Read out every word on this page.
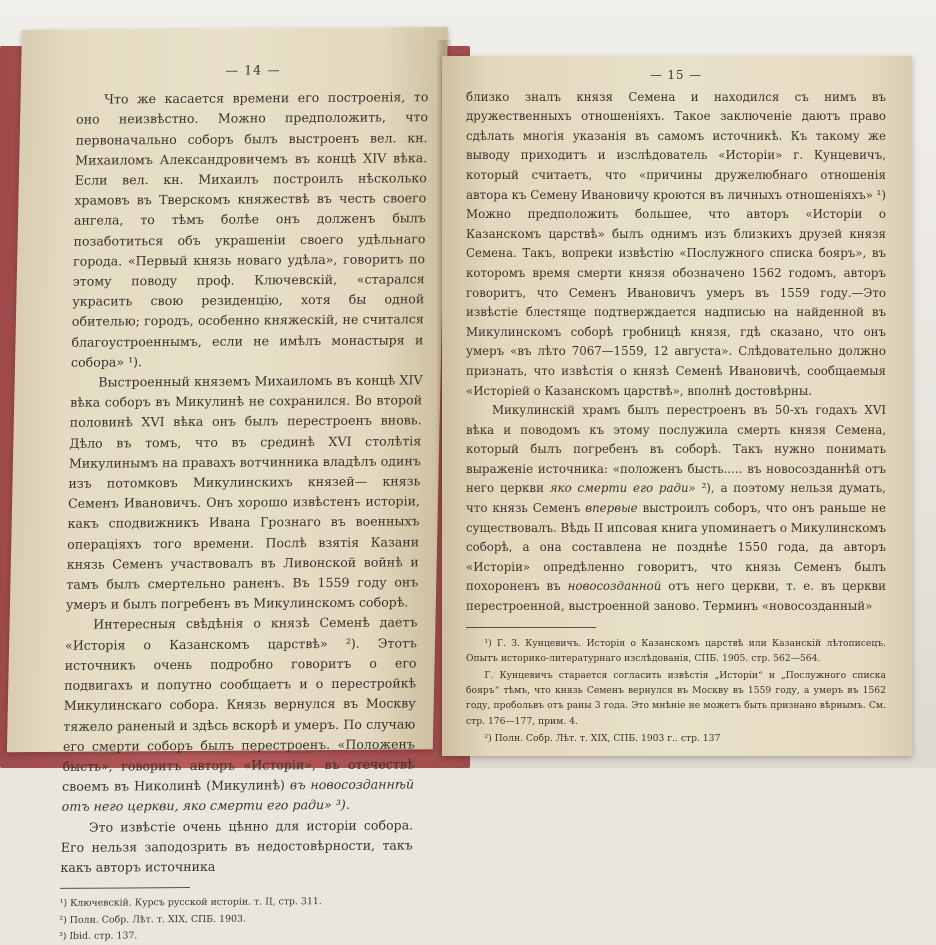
— 14 —

Что же касается времени его построенія, то оно неизвѣстно. Можно предположить, что первоначально соборъ былъ выстроенъ вел. кн. Михаиломъ Александровичемъ въ концѣ XIV вѣка. Если вел. кн. Михаилъ построилъ нѣсколько храмовъ въ Тверскомъ княжествѣ въ честь своего ангела, то тѣмъ болѣе онъ долженъ былъ позаботиться объ украшеніи своего удѣльнаго города. «Первый князь новаго удѣла», говоритъ по этому поводу проф. Ключевскій, «старался украсить свою резиденцію, хотя бы одной обителью; городъ, особенно княжескій, не считался благоустроеннымъ, если не имѣлъ монастыря и собора» ¹).

Выстроенный княземъ Михаиломъ въ концѣ XIV вѣка соборъ въ Микулинѣ не сохранился. Во второй половинѣ XVI вѣка онъ былъ перестроенъ вновь. Дѣло въ томъ, что въ срединѣ XVI столѣтія Микулинымъ на правахъ вотчинника владѣлъ одинъ изъ потомковъ Микулинскихъ князей— князь Семенъ Ивановичъ. Онъ хорошо извѣстенъ исторіи, какъ сподвижникъ Ивана Грознаго въ военныхъ операціяхъ того времени. Послѣ взятія Казани князь Семенъ участвовалъ въ Ливонской войнѣ и тамъ былъ смертельно раненъ. Въ 1559 году онъ умеръ и былъ погребенъ въ Микулинскомъ соборѣ.

Интересныя свѣдѣнія о князѣ Семенѣ даетъ «Исторія о Казанскомъ царствѣ» ²). Этотъ источникъ очень подробно говоритъ о его подвигахъ и попутно сообщаетъ и о перестройкѣ Микулинскаго собора. Князь вернулся въ Москву тяжело раненый и здѣсь вскорѣ и умеръ. По случаю его смерти соборъ былъ перестроенъ. «Положенъ бысть», говоритъ авторъ «Исторіи», въ отечествѣ своемъ въ Николинѣ (Микулинѣ) въ новосозданнѣй отъ него церкви, яко смерти его ради» ³).

Это извѣстіе очень цѣнно для исторіи собора. Его нельзя заподозрить въ недостовѣрности, такъ какъ авторъ источника

¹) Ключевскій. Курсъ русской исторіи. т. II, стр. 311.
²) Полн. Собр. Лѣт. т. XIX, СПБ. 1903.
³) Ibid. стр. 137.
— 15 —

близко зналъ князя Семена и находился съ нимъ въ дружественныхъ отношеніяхъ. Такое заключеніе даютъ право сдѣлать многія указанія въ самомъ источникѣ. Къ такому же выводу приходитъ и изслѣдователь «Исторіи» г. Кунцевичъ, который считаетъ, что «причины дружелюбнаго отношенія автора къ Семену Ивановичу кроются въ личныхъ отношеніяхъ» ¹) Можно предположить большее, что авторъ «Исторіи о Казанскомъ царствѣ» былъ однимъ изъ близкихъ друзей князя Семена. Такъ, вопреки извѣстію «Послужного списка бояръ», въ которомъ время смерти князя обозначено 1562 годомъ, авторъ говоритъ, что Семенъ Ивановичъ умеръ въ 1559 году.—Это извѣстіе блестяще подтверждается надписью на найденной въ Микулинскомъ соборѣ гробницѣ князя, гдѣ сказано, что онъ умеръ «въ лѣто 7067—1559, 12 августа». Слѣдовательно должно признать, что извѣстія о князѣ Семенѣ Ивановичѣ, сообщаемыя «Исторіей о Казанскомъ царствѣ», вполнѣ достовѣрны.

Микулинскій храмъ былъ перестроенъ въ 50-хъ годахъ XVI вѣка и поводомъ къ этому послужила смерть князя Семена, который былъ погребенъ въ соборѣ. Такъ нужно понимать выраженіе источника: «положенъ бысть..... въ новосозданнѣй отъ него церкви яко смерти его ради» ²), а поэтому нельзя думать, что князь Семенъ впервые выстроилъ соборъ, что онъ раньше не существовалъ. Вѣдь II ипсовая книга упоминаетъ о Микулинскомъ соборѣ, а она составлена не позднѣе 1550 года, да авторъ «Исторіи» опредѣленно говоритъ, что князь Семенъ былъ похороненъ въ новосозданной отъ него церкви, т. е. въ церкви перестроенной, выстроенной заново. Терминъ «новосозданный»

¹) Г. З. Кунцевичъ. Исторія о Казанскомъ царствѣ или Казанскій лѣтописецъ. Опытъ историко-литературнаго изслѣдованія, СПБ. 1905. стр. 562—564.
Г. Кунцевичъ старается согласить извѣстія „Исторіи“ и „Послужного списка бояръ“ тѣмъ, что князь Семенъ вернулся въ Москву въ 1559 году, а умеръ въ 1562 году, пробольвъ отъ раны 3 года. Это мнѣніе не можетъ быть признано вѣрнымъ. См. стр. 176—177, прим. 4.
²) Полн. Собр. Лѣт. т. XIX, СПБ. 1903 г.. стр. 137
